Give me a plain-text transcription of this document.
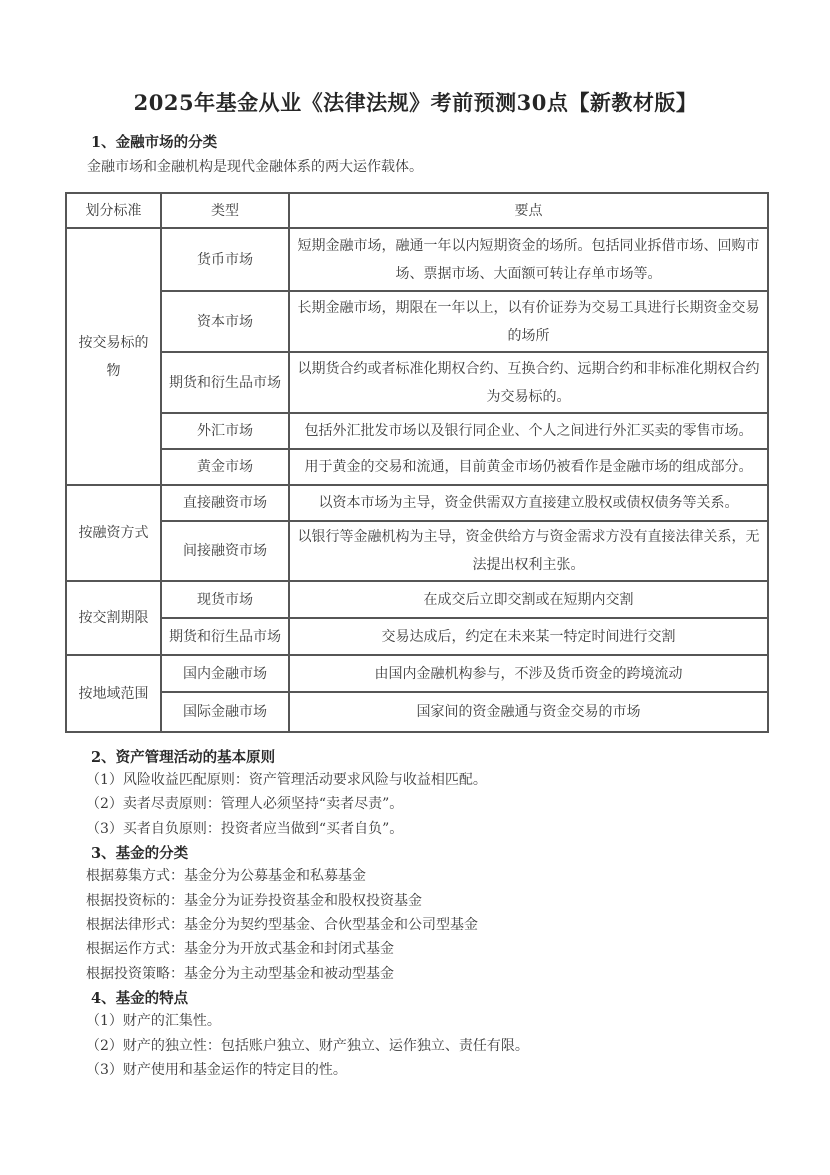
2025年基金从业《法律法规》考前预测30点【新教材版】
1、金融市场的分类

金融市场和金融机构是现代金融体系的两大运作载体。

划分标准	类型	要点
按交易标的物	货币市场	短期金融市场，融通一年以内短期资金的场所。包括同业拆借市场、回购市场、票据市场、大面额可转让存单市场等。
	资本市场	长期金融市场，期限在一年以上，以有价证券为交易工具进行长期资金交易的场所
	期货和衍生品市场	以期货合约或者标准化期权合约、互换合约、远期合约和非标准化期权合约为交易标的。
	外汇市场	包括外汇批发市场以及银行同企业、个人之间进行外汇买卖的零售市场。
	黄金市场	用于黄金的交易和流通，目前黄金市场仍被看作是金融市场的组成部分。
按融资方式	直接融资市场	以资本市场为主导，资金供需双方直接建立股权或债权债务等关系。
	间接融资市场	以银行等金融机构为主导，资金供给方与资金需求方没有直接法律关系，无法提出权利主张。
按交割期限	现货市场	在成交后立即交割或在短期内交割
	期货和衍生品市场	交易达成后，约定在未来某一特定时间进行交割
按地域范围	国内金融市场	由国内金融机构参与，不涉及货币资金的跨境流动
	国际金融市场	国家间的资金融通与资金交易的市场
2、资产管理活动的基本原则

（1）风险收益匹配原则：资产管理活动要求风险与收益相匹配。

（2）卖者尽责原则：管理人必须坚持“卖者尽责”。

（3）买者自负原则：投资者应当做到“买者自负”。

3、基金的分类

根据募集方式：基金分为公募基金和私募基金

根据投资标的：基金分为证券投资基金和股权投资基金

根据法律形式：基金分为契约型基金、合伙型基金和公司型基金

根据运作方式：基金分为开放式基金和封闭式基金

根据投资策略：基金分为主动型基金和被动型基金

4、基金的特点

（1）财产的汇集性。

（2）财产的独立性：包括账户独立、财产独立、运作独立、责任有限。

（3）财产使用和基金运作的特定目的性。
